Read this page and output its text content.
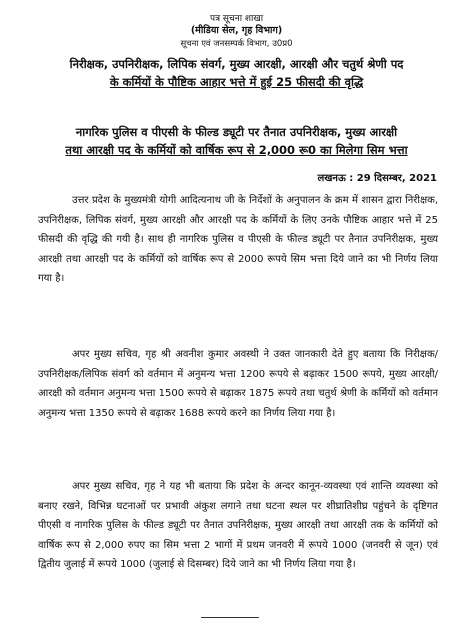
पत्र सूचना शाखा
(मीडिया सेल, गृह विभाग)
सूचना एवं जनसम्पर्क विभाग, उ0प्र0
निरीक्षक, उपनिरीक्षक, लिपिक संवर्ग, मुख्य आरक्षी, आरक्षी और चतुर्थ श्रेणी पद
के कर्मियों के पौष्टिक आहार भत्ते में हुई 25 फीसदी की वृद्धि
नागरिक पुलिस व पीएसी के फील्ड ड्यूटी पर तैनात उपनिरीक्षक, मुख्य आरक्षी
तथा आरक्षी पद के कर्मियों को वार्षिक रूप से 2,000 रू0 का मिलेगा सिम भत्ता
लखनऊ : 29 दिसम्बर, 2021

उत्तर प्रदेश के मुख्यमंत्री योगी आदित्यनाथ जी के निर्देशों के अनुपालन के क्रम में शासन द्वारा निरीक्षक, उपनिरीक्षक, लिपिक संवर्ग, मुख्य आरक्षी और आरक्षी पद के कर्मियों के लिए उनके पौष्टिक आहार भत्ते में 25 फीसदी की वृद्धि की गयी है। साथ ही नागरिक पुलिस व पीएसी के फील्ड ड्यूटी पर तैनात उपनिरीक्षक, मुख्य आरक्षी तथा आरक्षी पद के कर्मियों को वार्षिक रूप से 2000 रूपये सिम भत्ता दिये जाने का भी निर्णय लिया गया है।

अपर मुख्य सचिव, गृह श्री अवनीश कुमार अवस्थी ने उक्त जानकारी देते हुए बताया कि निरीक्षक/उपनिरीक्षक/लिपिक संवर्ग को वर्तमान में अनुमन्य भत्ता 1200 रूपये से बढ़ाकर 1500 रूपये, मुख्य आरक्षी/आरक्षी को वर्तमान अनुमन्य भत्ता 1500 रूपये से बढ़ाकर 1875 रूपये तथा चतुर्थ श्रेणी के कर्मियों को वर्तमान अनुमन्य भत्ता 1350 रूपये से बढ़ाकर 1688 रूपये करने का निर्णय लिया गया है।

अपर मुख्य सचिव, गृह ने यह भी बताया कि प्रदेश के अन्दर कानून-व्यवस्था एवं शान्ति व्यवस्था को बनाए रखने, विभिन्न घटनाओं पर प्रभावी अंकुश लगाने तथा घटना स्थल पर शीघ्रातिशीघ्र पहुंचने के दृष्टिगत पीएसी व नागरिक पुलिस के फील्ड ड्यूटी पर तैनात उपनिरीक्षक, मुख्य आरक्षी तथा आरक्षी तक के कर्मियों को वार्षिक रूप से 2,000 रुपए का सिम भत्ता 2 भागों में प्रथम जनवरी में रूपये 1000 (जनवरी से जून) एवं द्वितीय जुलाई में रूपये 1000 (जुलाई से दिसम्बर) दिये जाने का भी निर्णय लिया गया है।
